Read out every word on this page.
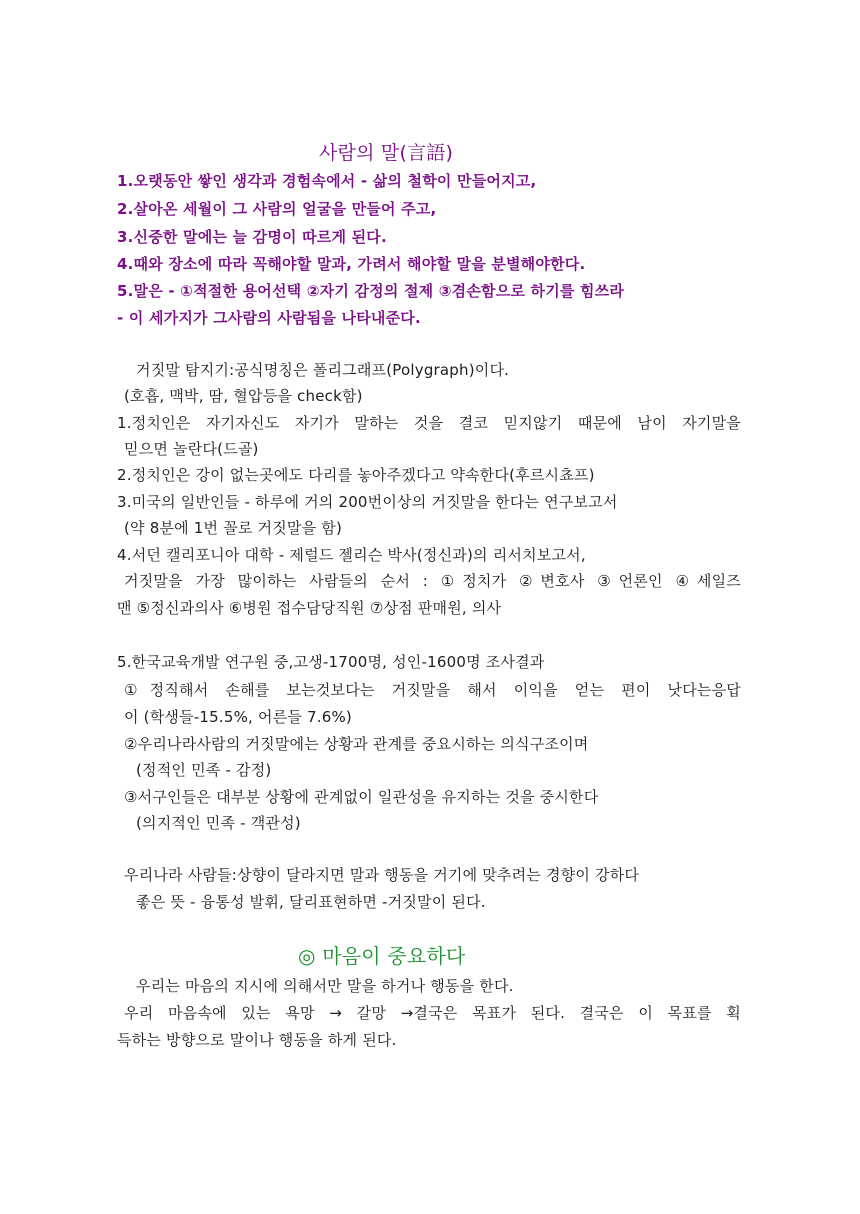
사람의 말(言語)
1.오랫동안 쌓인 생각과 경험속에서 - 삶의 철학이 만들어지고,
2.살아온 세월이 그 사람의 얼굴을 만들어 주고,
3.신중한 말에는 늘 감명이 따르게 된다.
4.때와 장소에 따라 꼭해야할 말과, 가려서 해야할 말을 분별해야한다.
5.말은 - ①적절한 용어선택 ②자기 감정의 절제 ③겸손함으로 하기를 힘쓰라
- 이 세가지가 그사람의 사람됨을 나타내준다.
거짓말 탐지기:공식명칭은 폴리그래프(Polygraph)이다.
(호흡, 맥박, 땀, 혈압등을 check함)
1.정치인은 자기자신도 자기가 말하는 것을 결코 믿지않기 때문에 남이 자기말을
믿으면 놀란다(드골)
2.정치인은 강이 없는곳에도 다리를 놓아주겠다고 약속한다(후르시쵸프)
3.미국의 일반인들 - 하루에 거의 200번이상의 거짓말을 한다는 연구보고서
(약 8분에 1번 꼴로 거짓말을 함)
4.서던 캘리포니아 대학 - 제럴드 젤리슨 박사(정신과)의 리서치보고서,
거짓말을 가장 많이하는 사람들의 순서 : ①정치가 ②변호사 ③언론인 ④세일즈
맨 ⑤정신과의사 ⑥병원 접수담당직원 ⑦상점 판매원, 의사
5.한국교육개발 연구원 중,고생-1700명, 성인-1600명 조사결과
①정직해서 손해를 보는것보다는 거짓말을 해서 이익을 얻는 편이 낫다는응답
이 (학생들-15.5%, 어른들 7.6%)
②우리나라사람의 거짓말에는 상황과 관계를 중요시하는 의식구조이며
(정적인 민족 - 감정)
③서구인들은 대부분 상황에 관계없이 일관성을 유지하는 것을 중시한다
(의지적인 민족 - 객관성)
우리나라 사람들:상향이 달라지면 말과 행동을 거기에 맞추려는 경향이 강하다
좋은 뜻 - 융통성 발휘, 달리표현하면 -거짓말이 된다.
◎ 마음이 중요하다
우리는 마음의 지시에 의해서만 말을 하거나 행동을 한다.
우리 마음속에 있는 욕망 → 갈망 →결국은 목표가 된다. 결국은 이 목표를 획
득하는 방향으로 말이나 행동을 하게 된다.
